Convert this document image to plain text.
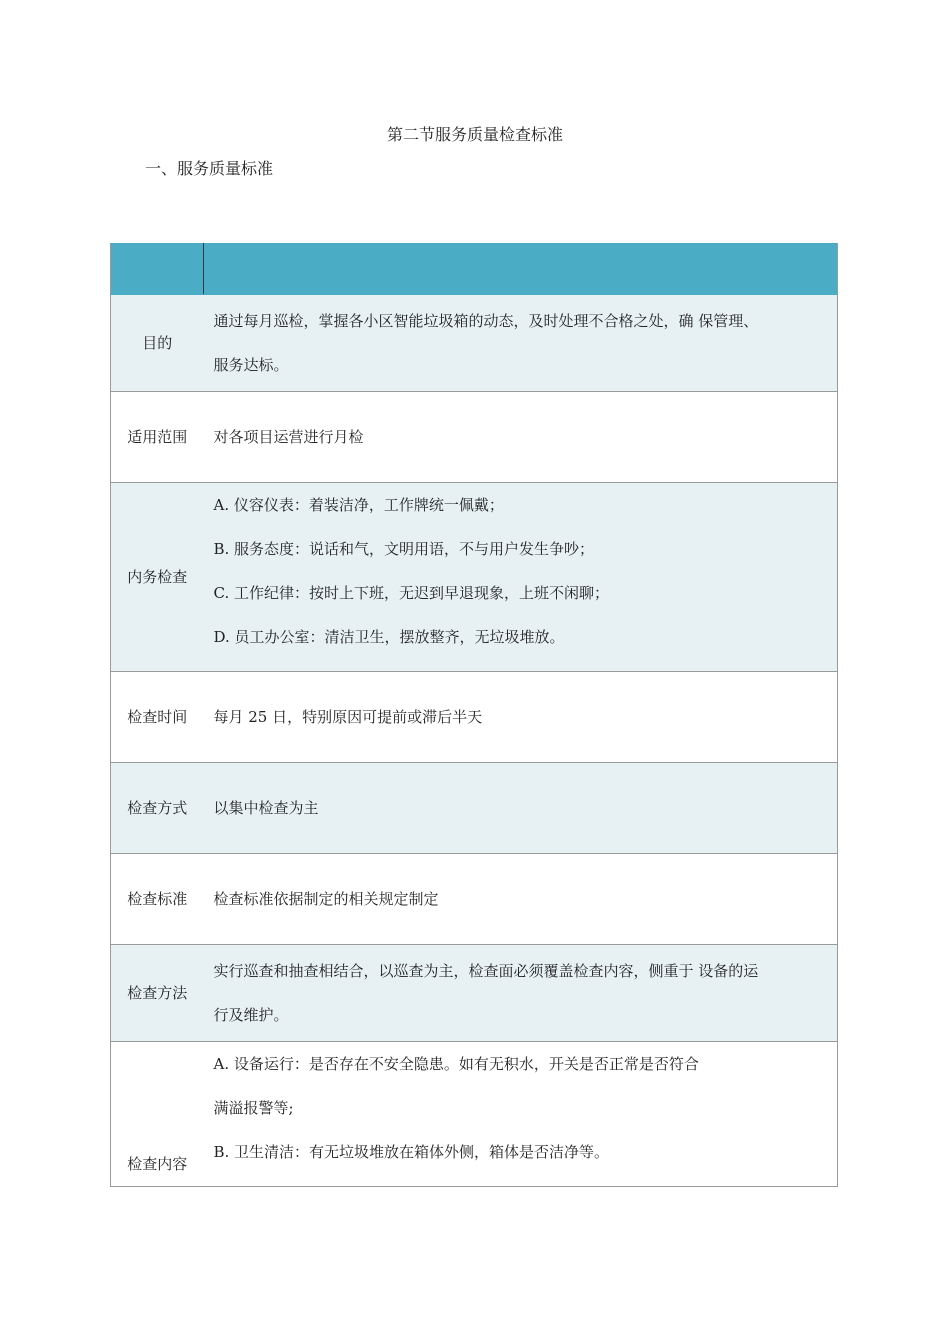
第二节服务质量检查标准
一、服务质量标准

目的	通过每月巡检，掌握各小区智能垃圾箱的动态，及时处理不合格之处，确 保管理、
服务达标。

适用范围	对各项目运营进行月检

内务检查	A. 仪容仪表：着装洁净，工作牌统一佩戴；
B. 服务态度：说话和气，文明用语，不与用户发生争吵；
C. 工作纪律：按时上下班，无迟到早退现象，上班不闲聊；
D. 员工办公室：清洁卫生，摆放整齐，无垃圾堆放。

检查时间	每月 25 日，特别原因可提前或滞后半天

检查方式	以集中检查为主

检查标准	检查标准依据制定的相关规定制定

检查方法	实行巡查和抽查相结合，以巡查为主，检查面必须覆盖检查内容，侧重于 设备的运
行及维护。

检查内容	A. 设备运行：是否存在不安全隐患。如有无积水，开关是否正常是否符合
满溢报警等;
B. 卫生清洁：有无垃圾堆放在箱体外侧，箱体是否洁净等。
